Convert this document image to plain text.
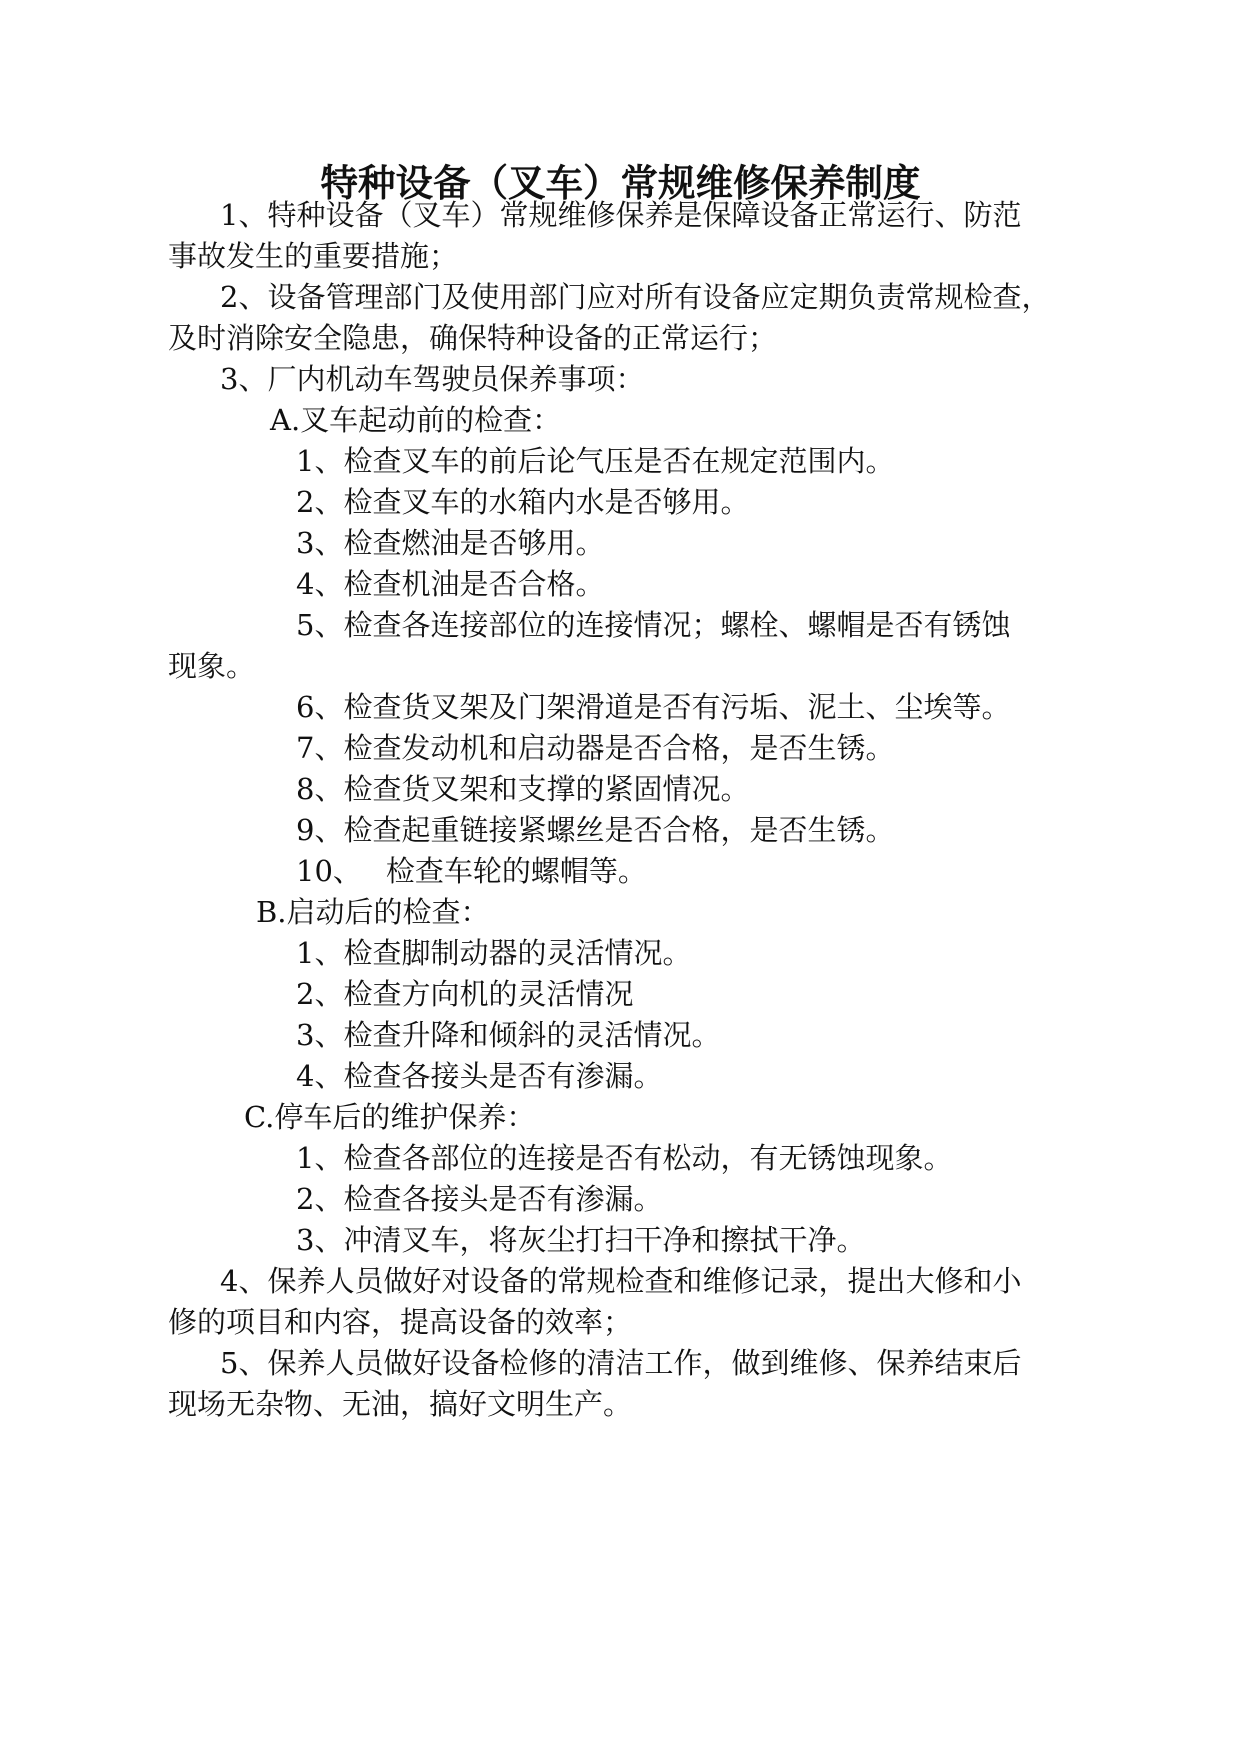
特种设备（叉车）常规维修保养制度

1、特种设备（叉车）常规维修保养是保障设备正常运行、防范

事故发生的重要措施；

2、设备管理部门及使用部门应对所有设备应定期负责常规检查，

及时消除安全隐患，确保特种设备的正常运行；

3、厂内机动车驾驶员保养事项：

A.叉车起动前的检查：

1、检查叉车的前后论气压是否在规定范围内。

2、检查叉车的水箱内水是否够用。

3、检查燃油是否够用。

4、检查机油是否合格。

5、检查各连接部位的连接情况；螺栓、螺帽是否有锈蚀

现象。

6、检查货叉架及门架滑道是否有污垢、泥土、尘埃等。

7、检查发动机和启动器是否合格，是否生锈。

8、检查货叉架和支撑的紧固情况。

9、检查起重链接紧螺丝是否合格，是否生锈。

10、 检查车轮的螺帽等。

B.启动后的检查：

1、检查脚制动器的灵活情况。

2、检查方向机的灵活情况

3、检查升降和倾斜的灵活情况。

4、检查各接头是否有渗漏。

C.停车后的维护保养：

1、检查各部位的连接是否有松动，有无锈蚀现象。

2、检查各接头是否有渗漏。

3、冲清叉车，将灰尘打扫干净和擦拭干净。

4、保养人员做好对设备的常规检查和维修记录，提出大修和小

修的项目和内容，提高设备的效率；

5、保养人员做好设备检修的清洁工作，做到维修、保养结束后

现场无杂物、无油，搞好文明生产。
